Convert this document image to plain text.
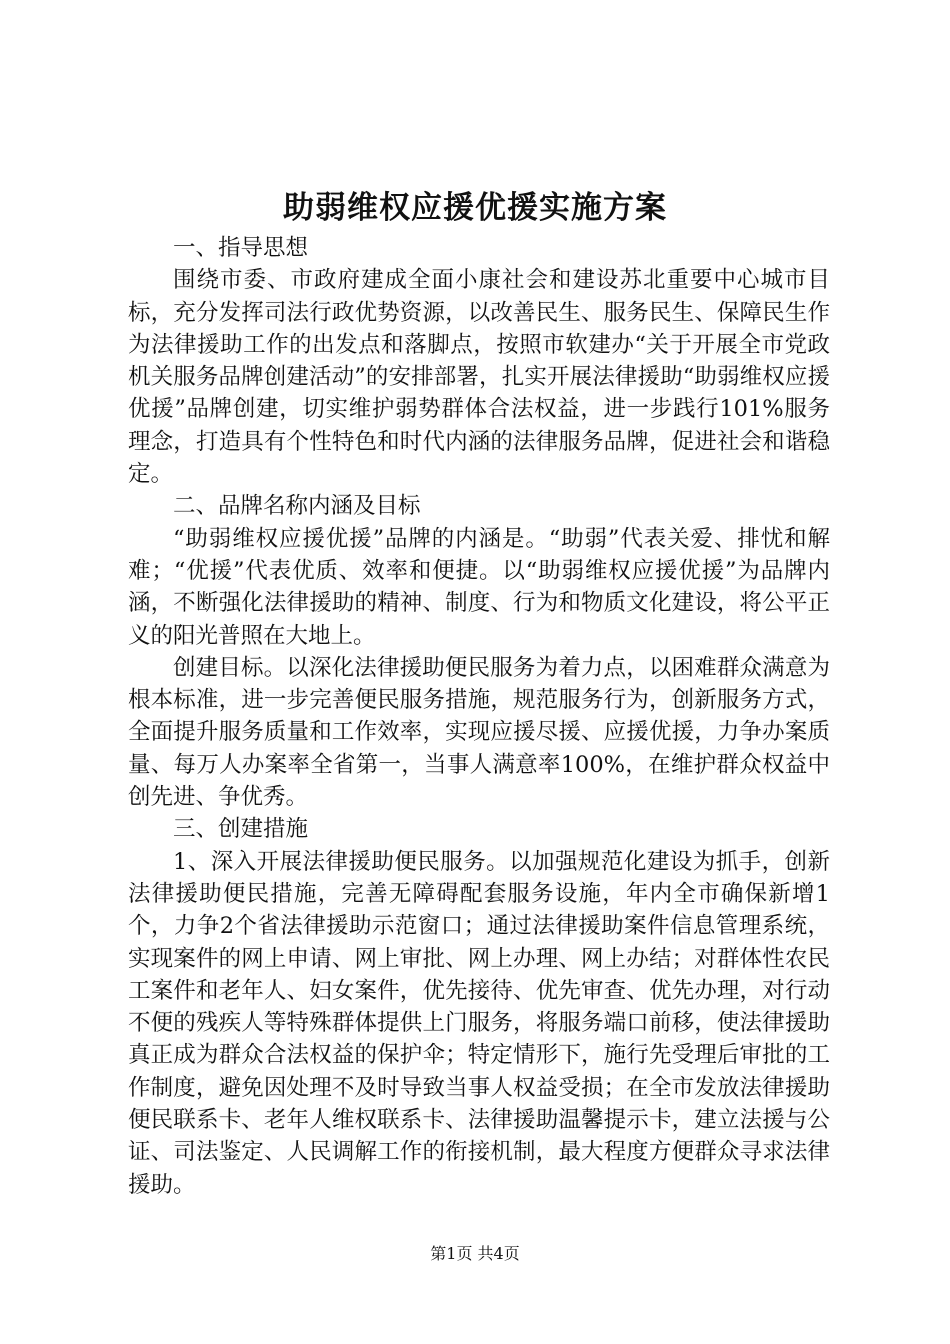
助弱维权应援优援实施方案

一、指导思想

围绕市委、市政府建成全面小康社会和建设苏北重要中心城市目标，充分发挥司法行政优势资源，以改善民生、服务民生、保障民生作为法律援助工作的出发点和落脚点，按照市软建办“关于开展全市党政机关服务品牌创建活动”的安排部署，扎实开展法律援助“助弱维权应援优援”品牌创建，切实维护弱势群体合法权益，进一步践行101%服务理念，打造具有个性特色和时代内涵的法律服务品牌，促进社会和谐稳定。

二、品牌名称内涵及目标

“助弱维权应援优援”品牌的内涵是。“助弱”代表关爱、排忧和解难；“优援”代表优质、效率和便捷。以“助弱维权应援优援”为品牌内涵，不断强化法律援助的精神、制度、行为和物质文化建设，将公平正义的阳光普照在大地上。

创建目标。以深化法律援助便民服务为着力点，以困难群众满意为根本标准，进一步完善便民服务措施，规范服务行为，创新服务方式，全面提升服务质量和工作效率，实现应援尽援、应援优援，力争办案质量、每万人办案率全省第一，当事人满意率100%，在维护群众权益中创先进、争优秀。

三、创建措施

1、深入开展法律援助便民服务。以加强规范化建设为抓手，创新法律援助便民措施，完善无障碍配套服务设施，年内全市确保新增1个，力争2个省法律援助示范窗口；通过法律援助案件信息管理系统，实现案件的网上申请、网上审批、网上办理、网上办结；对群体性农民工案件和老年人、妇女案件，优先接待、优先审查、优先办理，对行动不便的残疾人等特殊群体提供上门服务，将服务端口前移，使法律援助真正成为群众合法权益的保护伞；特定情形下，施行先受理后审批的工作制度，避免因处理不及时导致当事人权益受损；在全市发放法律援助便民联系卡、老年人维权联系卡、法律援助温馨提示卡，建立法援与公证、司法鉴定、人民调解工作的衔接机制，最大程度方便群众寻求法律援助。

第1页 共4页
